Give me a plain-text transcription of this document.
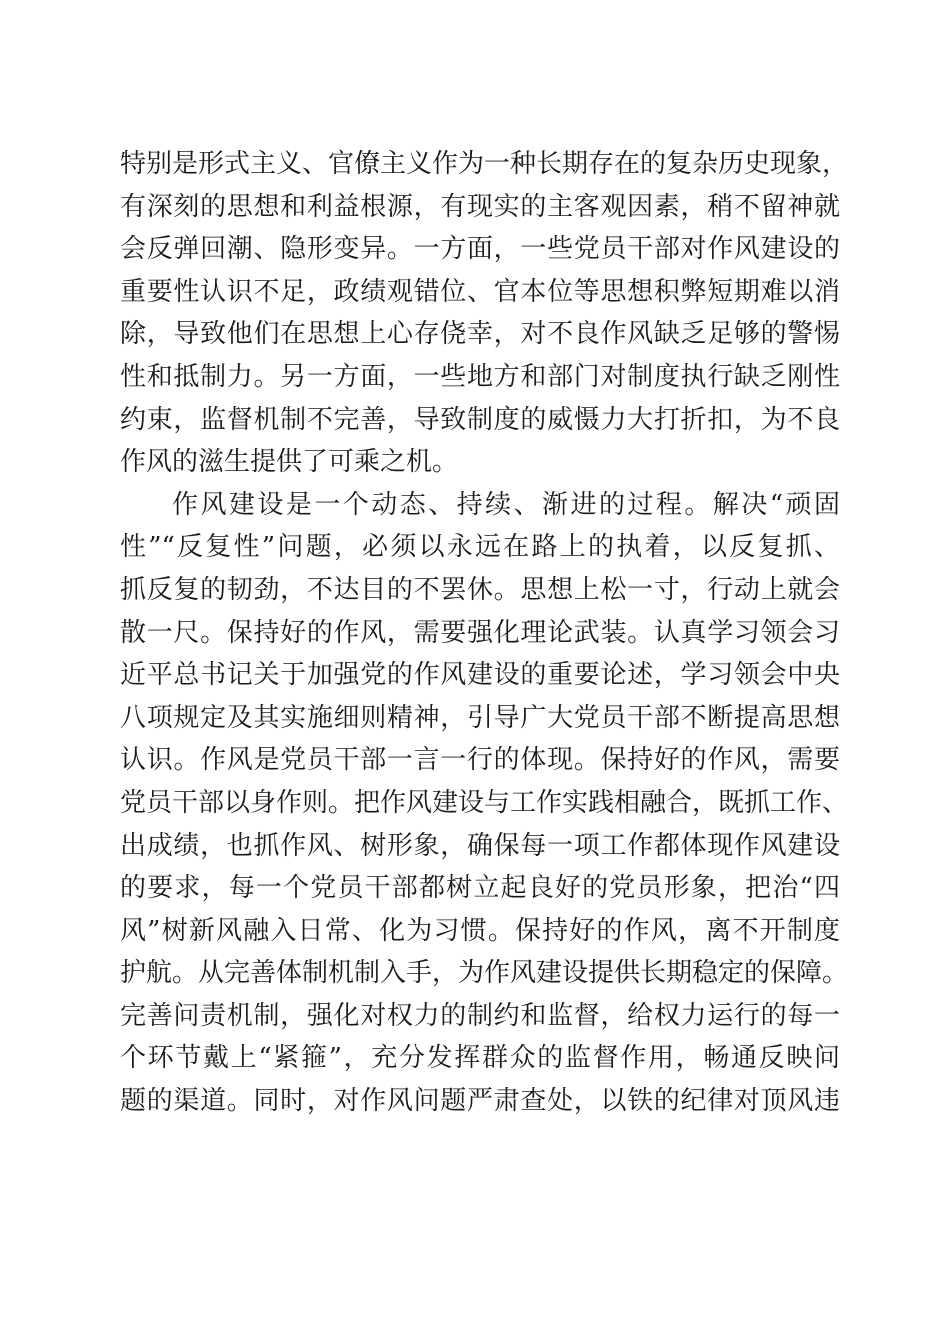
特别是形式主义、官僚主义作为一种长期存在的复杂历史现象，
有深刻的思想和利益根源，有现实的主客观因素，稍不留神就
会反弹回潮、隐形变异。一方面，一些党员干部对作风建设的
重要性认识不足，政绩观错位、官本位等思想积弊短期难以消
除，导致他们在思想上心存侥幸，对不良作风缺乏足够的警惕
性和抵制力。另一方面，一些地方和部门对制度执行缺乏刚性
约束，监督机制不完善，导致制度的威慑力大打折扣，为不良
作风的滋生提供了可乘之机。
作风建设是一个动态、持续、渐进的过程。解决“顽固
性”“反复性”问题，必须以永远在路上的执着，以反复抓、
抓反复的韧劲，不达目的不罢休。思想上松一寸，行动上就会
散一尺。保持好的作风，需要强化理论武装。认真学习领会习
近平总书记关于加强党的作风建设的重要论述，学习领会中央
八项规定及其实施细则精神，引导广大党员干部不断提高思想
认识。作风是党员干部一言一行的体现。保持好的作风，需要
党员干部以身作则。把作风建设与工作实践相融合，既抓工作、
出成绩，也抓作风、树形象，确保每一项工作都体现作风建设
的要求，每一个党员干部都树立起良好的党员形象，把治“四
风”树新风融入日常、化为习惯。保持好的作风，离不开制度
护航。从完善体制机制入手，为作风建设提供长期稳定的保障。
完善问责机制，强化对权力的制约和监督，给权力运行的每一
个环节戴上“紧箍”，充分发挥群众的监督作用，畅通反映问
题的渠道。同时，对作风问题严肃查处，以铁的纪律对顶风违
